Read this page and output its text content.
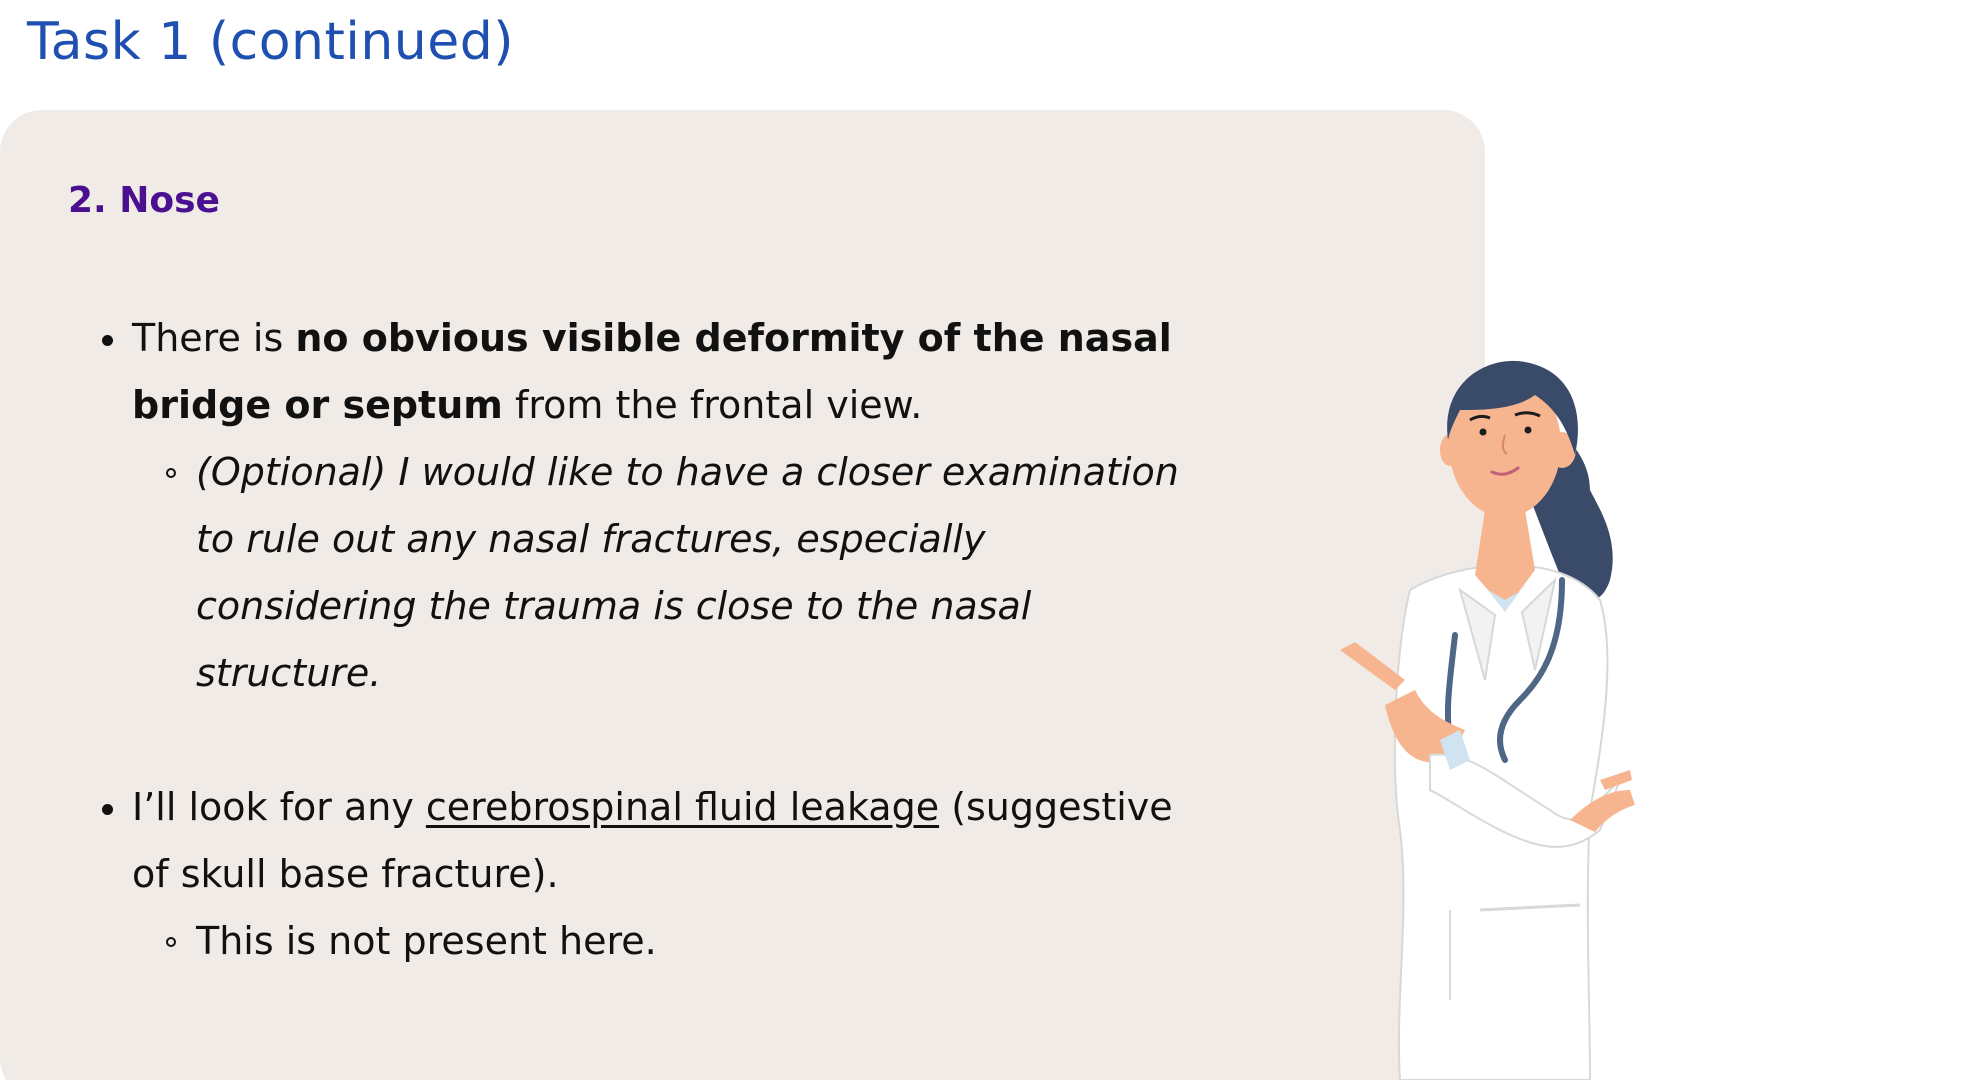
Task 1 (continued)
2. Nose
There is no obvious visible deformity of the nasal bridge or septum from the frontal view.
(Optional) I would like to have a closer examination to rule out any nasal fractures, especially considering the trauma is close to the nasal structure.
I’ll look for any cerebrospinal fluid leakage (suggestive of skull base fracture).
This is not present here.
